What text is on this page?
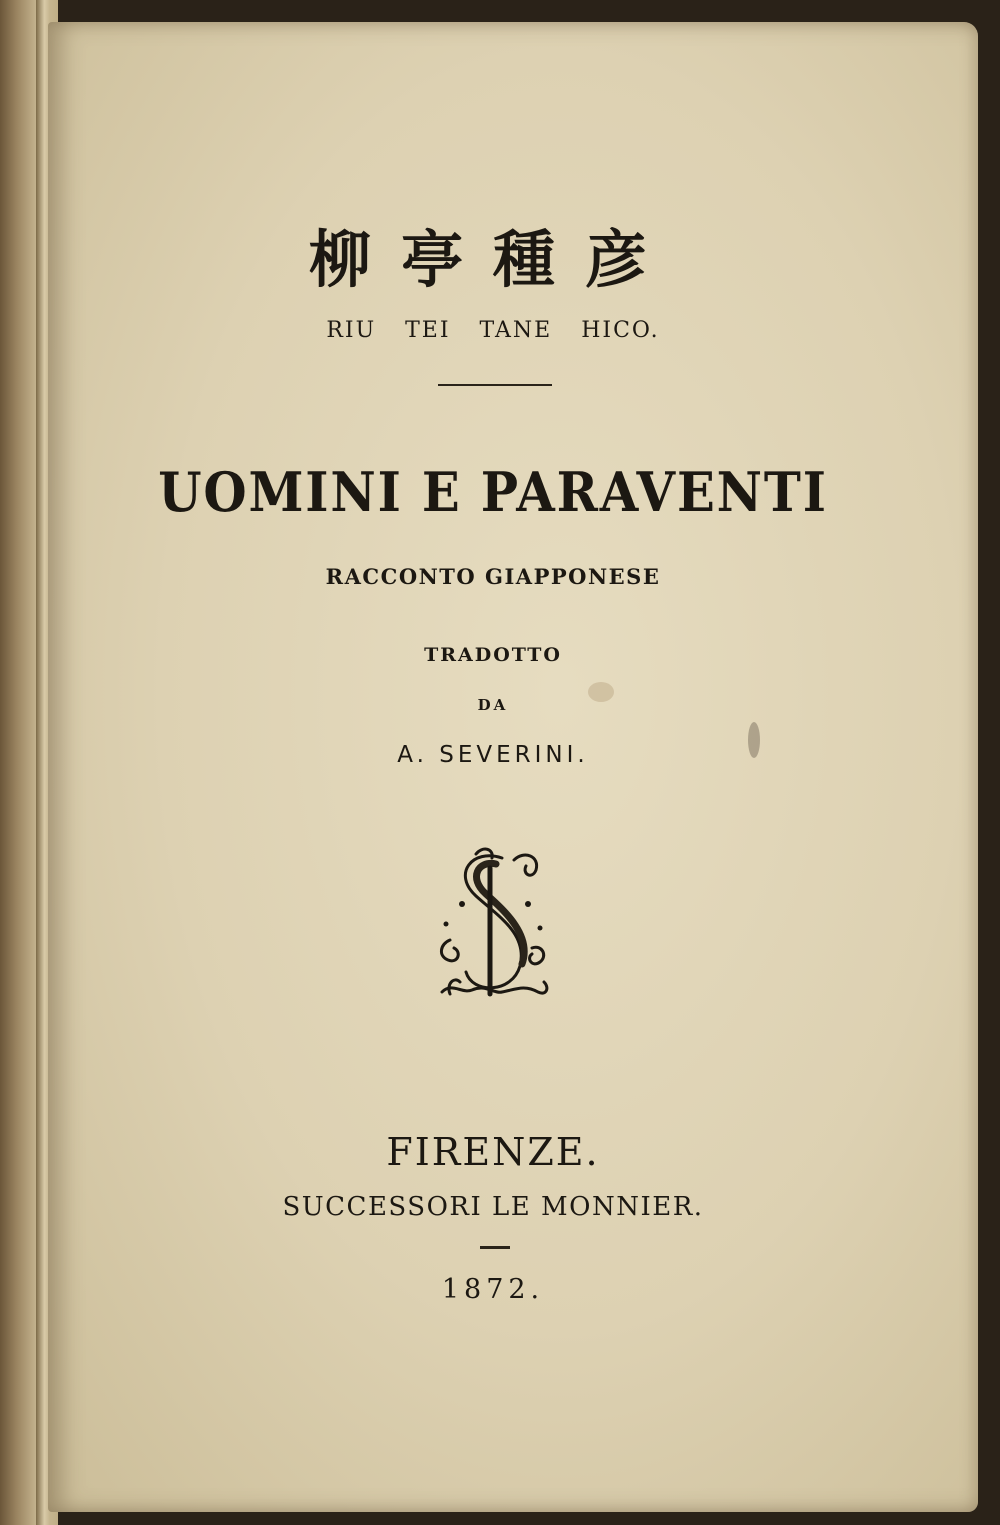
柳亭種彦

RIU TEI TANE HICO.

UOMINI E PARAVENTI

RACCONTO GIAPPONESE

TRADOTTO

DA

A. SEVERINI.

FIRENZE.

SUCCESSORI LE MONNIER.

1872.
